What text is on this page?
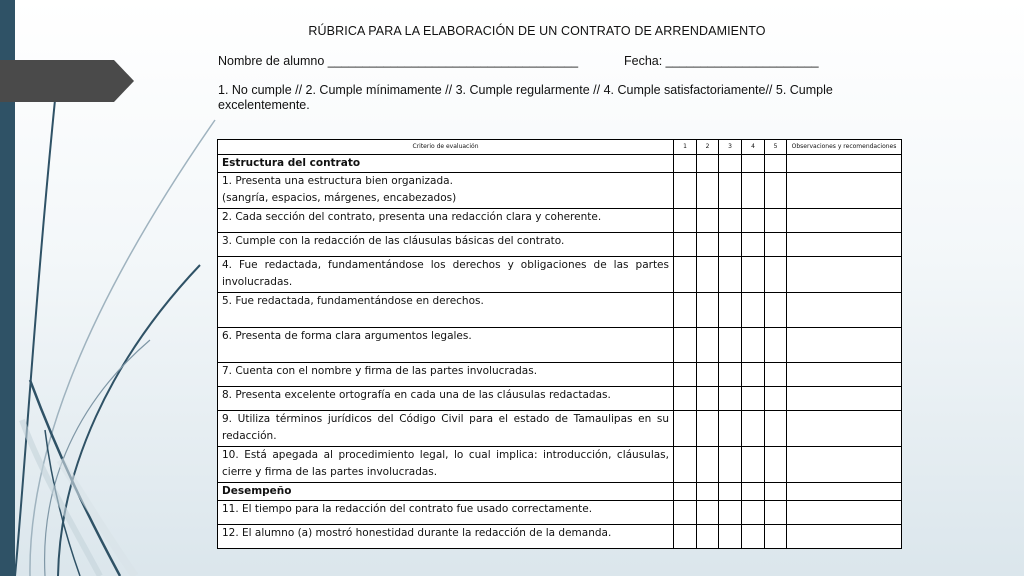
RÚBRICA PARA LA ELABORACIÓN DE UN CONTRATO DE ARRENDAMIENTO
Nombre de alumno ____________________________________	Fecha: ______________________
1. No cumple // 2. Cumple mínimamente // 3. Cumple regularmente // 4. Cumple satisfactoriamente// 5. Cumple excelentemente.
Criterio de evaluación	1	2	3	4	5	Observaciones y recomendaciones
Estructura del contrato						

1. Presenta una estructura bien organizada.
(sangría, espacios, márgenes, encabezados)						

2. Cada sección del contrato, presenta una redacción clara y coherente.						
3. Cumple con la redacción de las cláusulas básicas del contrato.						
4. Fue redactada, fundamentándose los derechos y obligaciones de las partes involucradas.						
5. Fue redactada, fundamentándose en derechos.						
6. Presenta de forma clara argumentos legales.						
7. Cuenta con el nombre y firma de las partes involucradas.						
8. Presenta excelente ortografía en cada una de las cláusulas redactadas.						
9. Utiliza términos jurídicos del Código Civil para el estado de Tamaulipas en su redacción.						
10. Está apegada al procedimiento legal, lo cual implica: introducción, cláusulas, cierre y firma de las partes involucradas.						
Desempeño						
11. El tiempo para la redacción del contrato fue usado correctamente.						
12. El alumno (a) mostró honestidad durante la redacción de la demanda.						
